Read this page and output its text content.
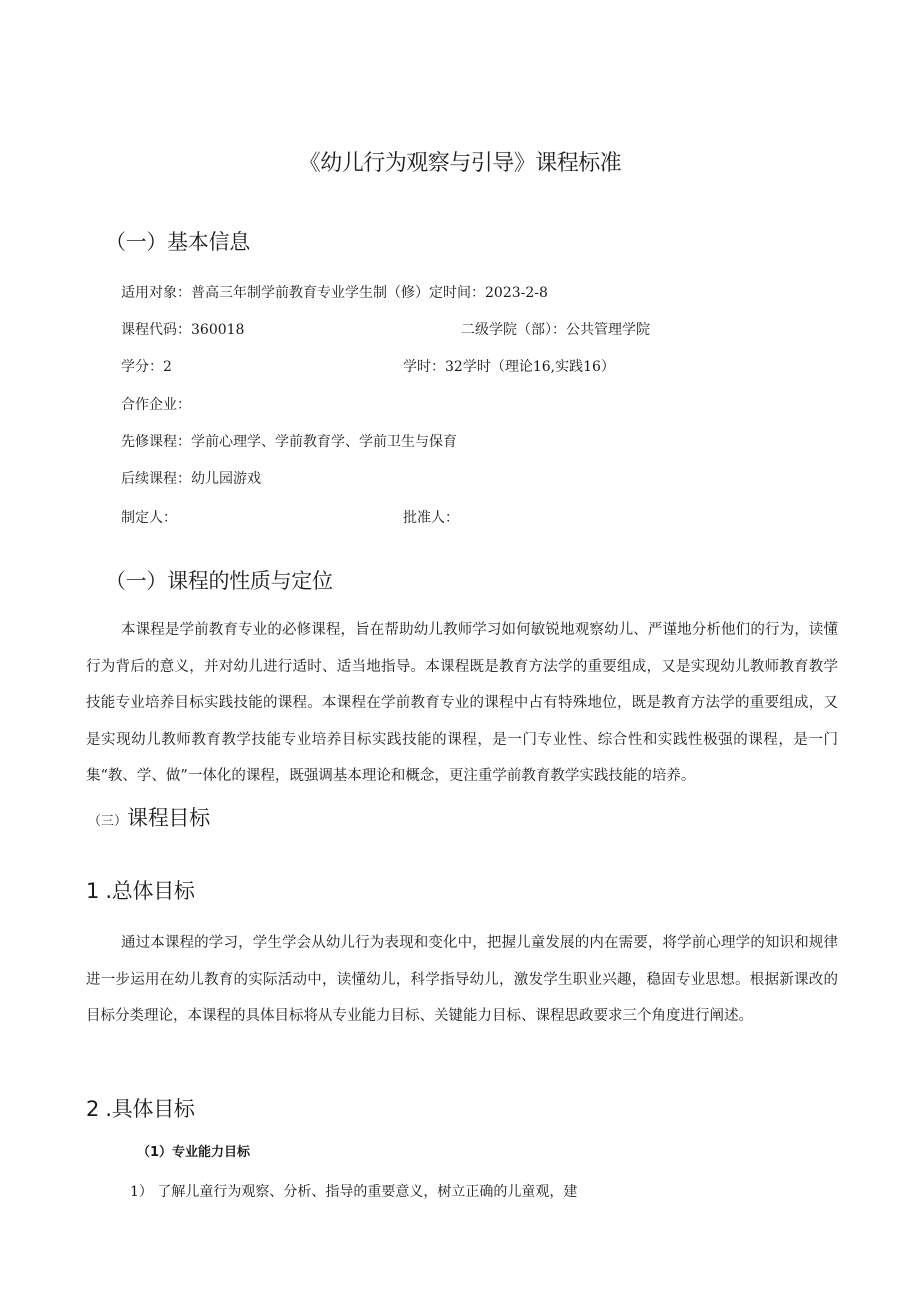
《幼儿行为观察与引导》课程标准
（一）基本信息
适用对象：普高三年制学前教育专业学生制（修）定时间：2023-2-8
课程代码：360018	二级学院（部）：公共管理学院
学分：2	学时：32学时（理论16,实践16）
合作企业：
先修课程：学前心理学、学前教育学、学前卫生与保育
后续课程：幼儿园游戏
制定人：	批准人：
（一）课程的性质与定位

本课程是学前教育专业的必修课程，旨在帮助幼儿教师学习如何敏锐地观察幼儿、严谨地分析他们的行为，读懂行为背后的意义，并对幼儿进行适时、适当地指导。本课程既是教育方法学的重要组成，又是实现幼儿教师教育教学技能专业培养目标实践技能的课程。本课程在学前教育专业的课程中占有特殊地位，既是教育方法学的重要组成，又是实现幼儿教师教育教学技能专业培养目标实践技能的课程，是一门专业性、综合性和实践性极强的课程，是一门集“教、学、做”一体化的课程，既强调基本理论和概念，更注重学前教育教学实践技能的培养。

（三）课程目标
1 .总体目标

通过本课程的学习，学生学会从幼儿行为表现和变化中，把握儿童发展的内在需要，将学前心理学的知识和规律进一步运用在幼儿教育的实际活动中，读懂幼儿，科学指导幼儿，激发学生职业兴趣，稳固专业思想。根据新课改的目标分类理论，本课程的具体目标将从专业能力目标、关键能力目标、课程思政要求三个角度进行阐述。

2 .具体目标
（1）专业能力目标
1） 了解儿童行为观察、分析、指导的重要意义，树立正确的儿童观，建
